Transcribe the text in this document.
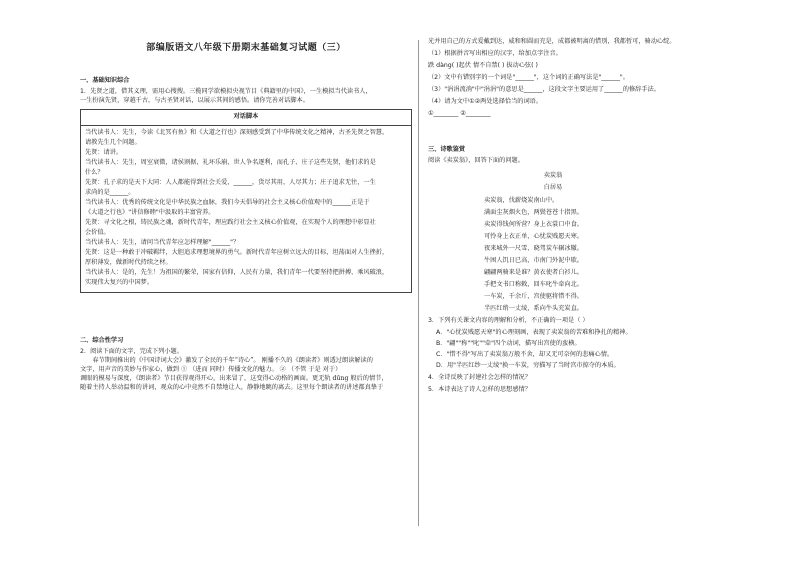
部编版语文八年级下册期末基础复习试题（三）
一、基础知识综合

1．先贤之道，借其义理，需用心搜搜。三揽同学欲模拟央视节目《典籍里的中国》，一生模拟当代读书人，

一生扮演先贤，穿越千古，与古圣贤对话，以展示其间的感悟。请你完善对话脚本。

对话脚本

当代读书人：先生，今读《北冥有鱼》和《大道之行也》深刻感受到了中华传统文化之精神，古圣先贤之智慧，

请教先生几个问题。

先贤：请讲。

当代读书人：先生，周室衰微，诸侯割据，礼坏乐崩，世人争名逐利，而孔子、庄子这些先贤，他们求的是

什么？

先贤：孔子求的是天下大同：人人都能得到社会关爱，______，货尽其用，人尽其力；庄子追求无往，一生

求尚的是______。

当代读书人：优秀的传统文化是中华民族之血脉，我们今天倡导的社会主义核心价值观中的______正是于

《大道之行也》"讲信修睦"中汲取的丰富营养。

先贤：寻文化之根，铸民族之魂，新时代青年，理应践行社会主义核心价值观，在实现个人的理想中彰显社

会价值。

当代读书人：先生，请问当代青年应怎样理解"______"？

先贤：这是一种敢于冲破羁绊，大胆追求理想境界的勇气。新时代青年应树立远大的目标，坦荡面对人生挫折，

厚积薄发，做新时代持续之材。

当代读书人：是的，先生！为祖国的繁荣，国家有信仰，人民有力量，我们青年一代要坚持把拼搏、乘风破浪，

实现伟大复兴的中国梦。

二、综合性学习

2．阅读下面的文字，完成下列小题。

春节期间推出的《中国诗词大会》激发了全民的千年“诗心”。 刚播不久的《朗读者》则透过朗读解读的

文字，用声音的美妙与作家心，做到 ① （进而 同时）传播文化的魅力。 ② （不管 于是 对于）

调眼的模易与深度，《朗读者》节目获得观得开心，出来冒了，这变得心动格的画面。更无轨 dūng 般后的情节，

随着主持人举动温和的讲词，观众的心中竟然不自禁地让人，静静地眺的离去。这里每个朗读者的讲述都真挚于

光并用自己的方式爱戴到达，威和和圆而充是，成都被明离的惜别，我都暂可，骑动心绽。

（1）根据拼音写出相应的汉字，给加点字注音。

跌 dàng( )起伏 情不自禁( ) 拔动心弦( )

（2）文中有错别字的一个词是"______"，这个词的正确写法是"______"。

（3）"涓涓流淌"中"涓涓"的意思是______，这段文字主要运用了______的修辞手法。

（4）请为文中①②两处选择恰当的词语。

①________ ②________

三、诗歌鉴赏

阅读《卖炭翁》，回答下面的问题。

卖炭翁
白居易

卖炭翁，伐薪烧炭南山中。

满面尘灰烟火色，两鬓苍苍十指黑。

卖炭得钱何所营？身上衣裳口中食。

可怜身上衣正单，心忧炭贱愿天寒。

夜来城外一尺雪，晓驾炭车辗冰辙。

牛困人饥日已高，市南门外泥中歇。

翩翩两骑来是谁？黄衣使者白衫儿。

手把文书口称敕，回车叱牛牵向北。

一车炭，千余斤，宫使驱将惜不得。

半匹红绡一丈绫，系向牛头充炭直。

3．下列有关课文内容的理解和分析，不正确的一项是（ ）

A．"心忧炭贱愿天寒"的心理刻画，表现了卖炭翁的苦难和挣扎的精神。

B．"翩""称""叱""牵"四个动词，描写出宫使的蛮横。

C．"惜不得"写出了卖炭翁万般不舍，却又无可奈何的悲痛心情。

D．用"半匹红纱一丈绫"换一车炭，穷描写了当时宫市掠夺的本质。

4．全诗反映了封建社会怎样的情况？

5．本诗表达了诗人怎样的思想感情？
